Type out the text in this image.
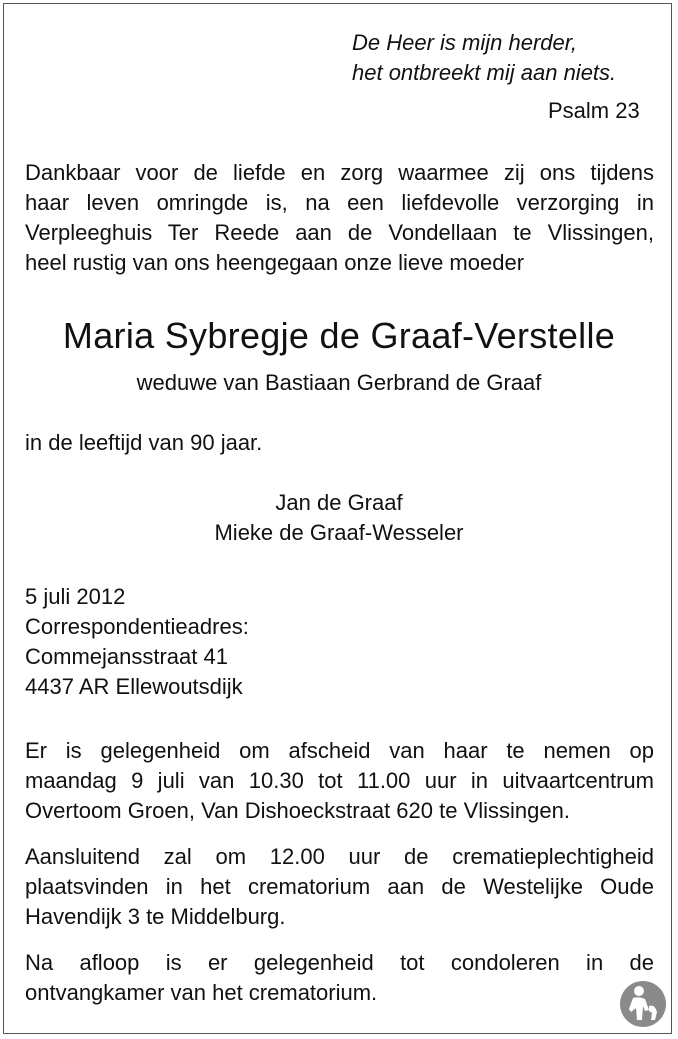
De Heer is mijn herder,
het ontbreekt mij aan niets.
Psalm 23
Dankbaar voor de liefde en zorg waarmee zij ons tijdens
haar leven omringde is, na een liefdevolle verzorging in
Verpleeghuis Ter Reede aan de Vondellaan te Vlissingen,
heel rustig van ons heengegaan onze lieve moeder
Maria Sybregje de Graaf-Verstelle
weduwe van Bastiaan Gerbrand de Graaf
in de leeftijd van 90 jaar.
Jan de Graaf
Mieke de Graaf-Wesseler
5 juli 2012
Correspondentieadres:
Commejansstraat 41
4437 AR Ellewoutsdijk
Er is gelegenheid om afscheid van haar te nemen op
maandag 9 juli van 10.30 tot 11.00 uur in uitvaartcentrum
Overtoom Groen, Van Dishoeckstraat 620 te Vlissingen.
Aansluitend zal om 12.00 uur de crematieplechtigheid
plaatsvinden in het crematorium aan de Westelijke Oude
Havendijk 3 te Middelburg.
Na afloop is er gelegenheid tot condoleren in de
ontvangkamer van het crematorium.
